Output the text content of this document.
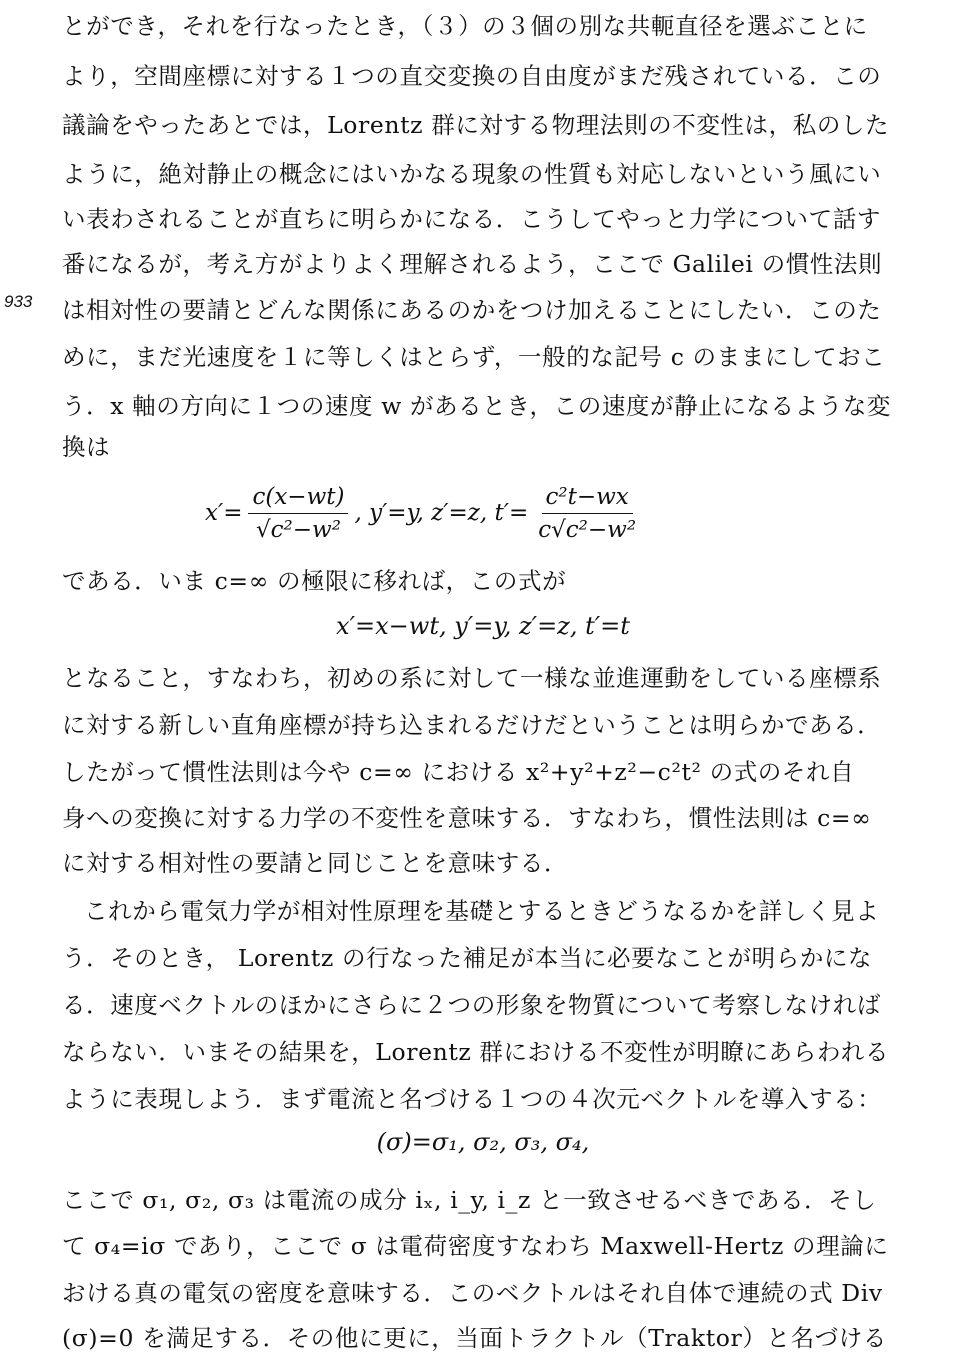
933
とができ，それを行なったとき，（３）の３個の別な共軛直径を選ぶことに
より，空間座標に対する１つの直交変換の自由度がまだ残されている．この
議論をやったあとでは，Lorentz 群に対する物理法則の不変性は，私のした
ように，絶対静止の概念にはいかなる現象の性質も対応しないという風にい
い表わされることが直ちに明らかになる．こうしてやっと力学について話す
番になるが，考え方がよりよく理解されるよう，ここで Galilei の慣性法則
は相対性の要請とどんな関係にあるのかをつけ加えることにしたい．このた
めに，まだ光速度を１に等しくはとらず，一般的な記号 c のままにしておこ
う．x 軸の方向に１つの速度 w があるとき，この速度が静止になるような変
換は
$x'= \frac{c(x-wt)}{\text{√c²−w²}}$ , y′=y, z′=z, $t'= \frac{\text{c²t−wx}}{\text{c√c²−w²}}$
である．いま c=∞ の極限に移れば，この式が
x′=x−wt, y′=y, z′=z, t′=t
となること，すなわち，初めの系に対して一様な並進運動をしている座標系
に対する新しい直角座標が持ち込まれるだけだということは明らかである．
したがって慣性法則は今や c=∞ における x²+y²+z²−c²t² の式のそれ自
身への変換に対する力学の不変性を意味する．すなわち，慣性法則は c=∞
に対する相対性の要請と同じことを意味する．
これから電気力学が相対性原理を基礎とするときどうなるかを詳しく見よ
う．そのとき， Lorentz の行なった補足が本当に必要なことが明らかにな
る．速度ベクトルのほかにさらに２つの形象を物質について考察しなければ
ならない．いまその結果を，Lorentz 群における不変性が明瞭にあらわれる
ように表現しよう．まず電流と名づける１つの４次元ベクトルを導入する：
(σ)=σ₁, σ₂, σ₃, σ₄,
ここで σ₁, σ₂, σ₃ は電流の成分 iₓ, i_y, i_z と一致させるべきである．そし
て σ₄=iσ であり，ここで σ は電荷密度すなわち Maxwell-Hertz の理論に
おける真の電気の密度を意味する．このベクトルはそれ自体で連続の式 Div
(σ)=0 を満足する．その他に更に，当面トラクトル（Traktor）と名づける
